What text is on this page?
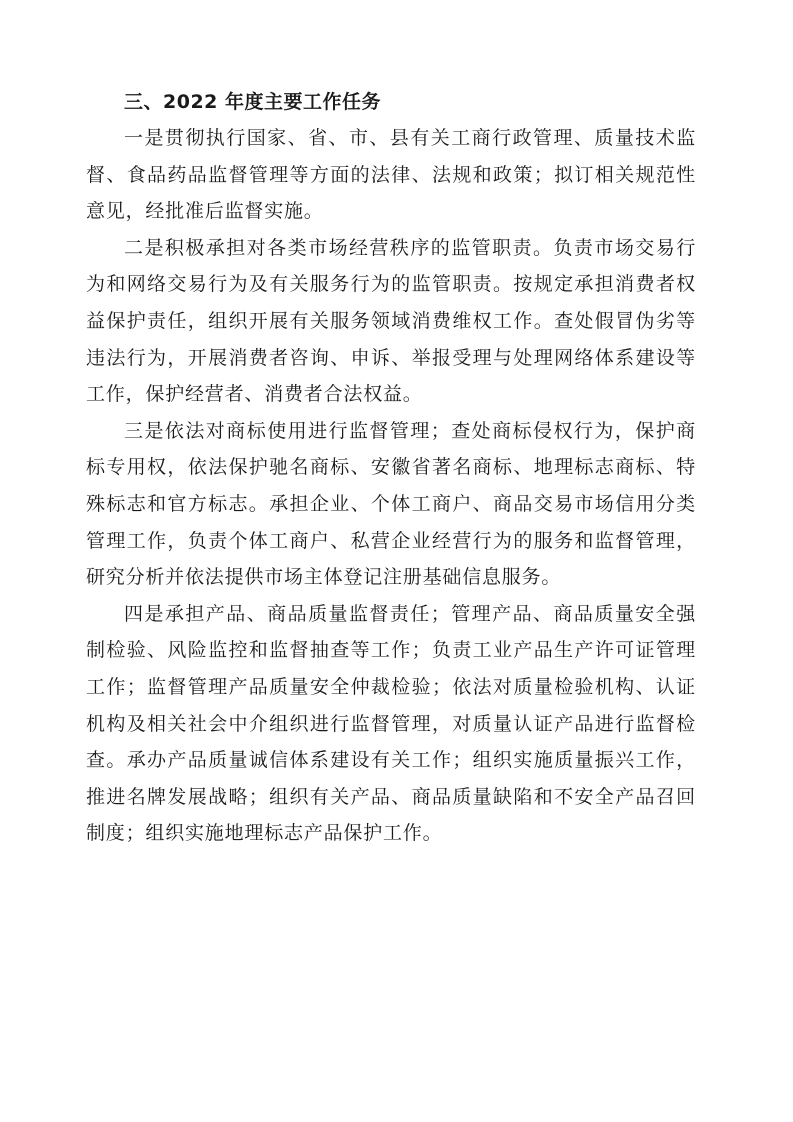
三、2022 年度主要工作任务

一是贯彻执行国家、省、市、县有关工商行政管理、质量技术监督、食品药品监督管理等方面的法律、法规和政策；拟订相关规范性意见，经批准后监督实施。

二是积极承担对各类市场经营秩序的监管职责。负责市场交易行为和网络交易行为及有关服务行为的监管职责。按规定承担消费者权益保护责任，组织开展有关服务领域消费维权工作。查处假冒伪劣等违法行为，开展消费者咨询、申诉、举报受理与处理网络体系建设等工作，保护经营者、消费者合法权益。

三是依法对商标使用进行监督管理；查处商标侵权行为，保护商标专用权，依法保护驰名商标、安徽省著名商标、地理标志商标、特殊标志和官方标志。承担企业、个体工商户、商品交易市场信用分类管理工作，负责个体工商户、私营企业经营行为的服务和监督管理，研究分析并依法提供市场主体登记注册基础信息服务。

四是承担产品、商品质量监督责任；管理产品、商品质量安全强制检验、风险监控和监督抽查等工作；负责工业产品生产许可证管理工作；监督管理产品质量安全仲裁检验；依法对质量检验机构、认证机构及相关社会中介组织进行监督管理，对质量认证产品进行监督检查。承办产品质量诚信体系建设有关工作；组织实施质量振兴工作，推进名牌发展战略；组织有关产品、商品质量缺陷和不安全产品召回制度；组织实施地理标志产品保护工作。
